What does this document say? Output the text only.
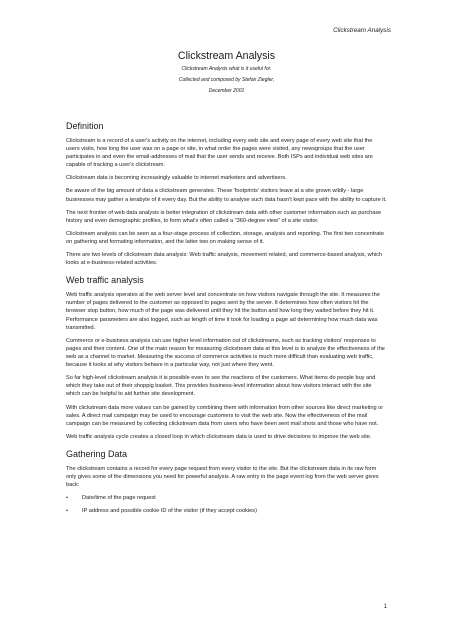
Clickstream Analysis
Clickstream Analysis
Clickstream Analysis what is it useful for.
Collected and composed by Stefan Ziegler,
December 2001
Definition

Clickstream is a record of a user's activity on the internet, including every web site and every page of every web site that the users visits, how long the user was on a page or site, in what order the pages were visited, any newsgroups that the user participates in and even the email-addresses of mail that the user sends and receive. Both ISPs and individual web sites are capable of tracking a user's clickstream.

Clickstream data is becoming increasingly valuable to internet marketers and advertisers.

Be aware of the big amount of data a clickstream generates. These 'footprints' visitors leave at a site grown wildly - large businesses may gather a terabyte of it every day. But the ability to analyse such data hasn't kept pace with the ability to capture it.

The next frontier of web data analysis is better integration of clickstream data with other customer information such as purchase history and even demographic profiles, to form what's often called a "360-degree view" of a site visitor.

Clickstream analysis can be seen as a four-stage process of collection, storage, analysis and reporting. The first two concentrate on gathering and formating information, and the latter two on making sense of it.

There are two levels of clickstream data analysis: Web traffic analysis, movement related, and commerce-based analysis, which looks at e-business-related activities.

Web traffic analysis

Web traffic analysis operates at the web server level and concentrate on how visitors navigate through the site. It measures the number of pages delivered to the customer as opposed to pages sent by the server. It determines how often visitors hit the browser stop button, how much of the page was delivered until they hit the button and how long they waited before they hit it. Performance parameters are also logged, such as length of time it took for loading a page ad determining how much data was transmitted.

Commerce or e-business analysis can use higher level information out of clickstreams, such as tracking visitors' responses to pages and their content. One of the main reason for measuring clickstream data at this level is to analyze the effectiveness of the web as a channel to market. Measuring the success of commerce activities is much more difficult than evaluating web traffic, because it looks at why visitors behave in a particular way, not just where they went.

So far high-level clickstream analysis it is possible even to see the reactions of the customers. What items do people buy and which they take out of their shoppig basket. This provides business-level information about how visitors interact with the site which can be helpful to aid further site development.

With clickstream data more values can be gained by combining them with information from other sources like direct marketing or sales. A direct mail campaign may be used to encourage customers to visit the web site. Now the effectiveness of the mail campaign can be measured by collecting clickstream data from users who have been sent mail shots and those who have not.

Web traffic analysis cycle creates a closed loop in which clickstream data is used to drive decisions to improve the web site.

Gathering Data

The clickstream contains a record for every page request from every visitor to the site. But the clickstream data in its raw form only gives some of the dimensions you need for powerful analysis. A raw entry in the page event log from the web server gives back:

•	Date/time of the page request
•	IP address and possible cookie ID of the visitor (if they accept cookies)
1
